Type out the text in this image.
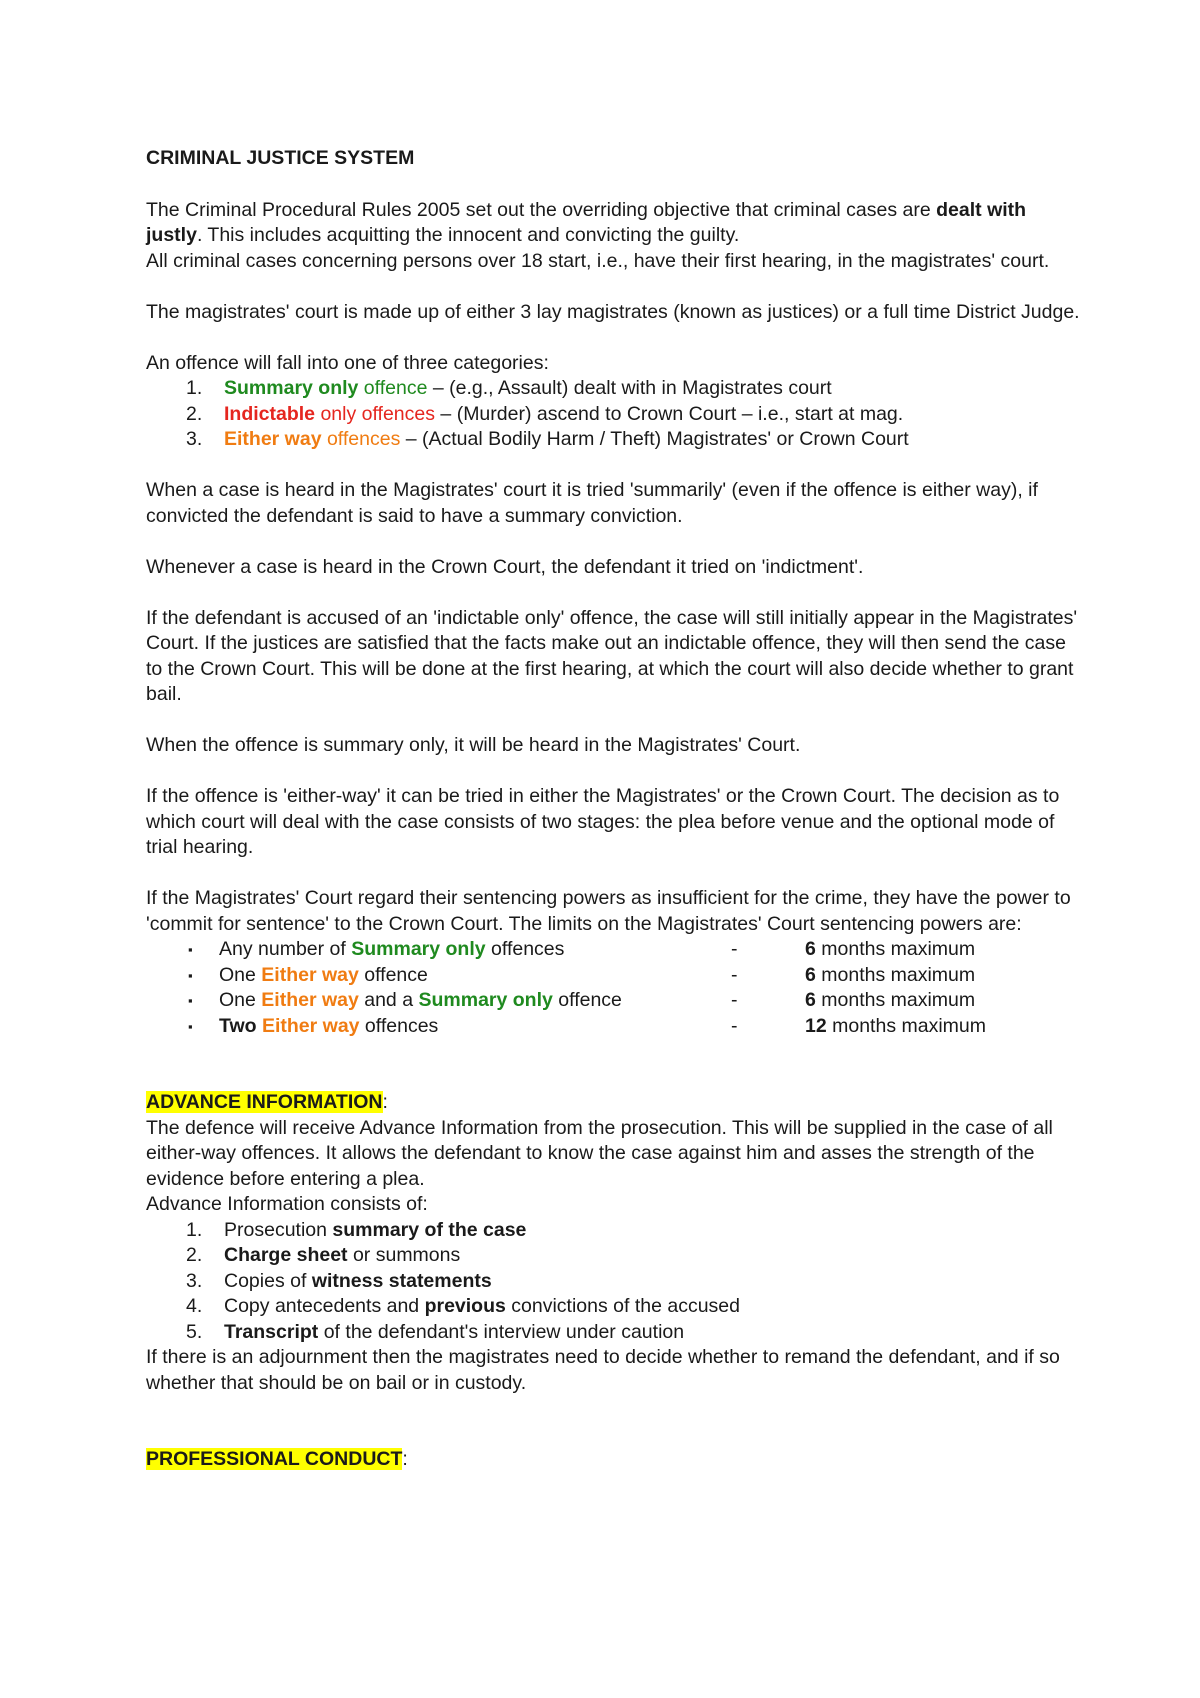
CRIMINAL JUSTICE SYSTEM

The Criminal Procedural Rules 2005 set out the overriding objective that criminal cases are dealt with justly. This includes acquitting the innocent and convicting the guilty.
All criminal cases concerning persons over 18 start, i.e., have their first hearing, in the magistrates' court.

The magistrates' court is made up of either 3 lay magistrates (known as justices) or a full time District Judge.

An offence will fall into one of three categories:

1. Summary only offence – (e.g., Assault) dealt with in Magistrates court
2. Indictable only offences – (Murder) ascend to Crown Court – i.e., start at mag.
3. Either way offences – (Actual Bodily Harm / Theft) Magistrates' or Crown Court

When a case is heard in the Magistrates' court it is tried 'summarily' (even if the offence is either way), if convicted the defendant is said to have a summary conviction.

Whenever a case is heard in the Crown Court, the defendant it tried on 'indictment'.

If the defendant is accused of an 'indictable only' offence, the case will still initially appear in the Magistrates' Court. If the justices are satisfied that the facts make out an indictable offence, they will then send the case to the Crown Court. This will be done at the first hearing, at which the court will also decide whether to grant bail.

When the offence is summary only, it will be heard in the Magistrates' Court.

If the offence is 'either-way' it can be tried in either the Magistrates' or the Crown Court. The decision as to which court will deal with the case consists of two stages: the plea before venue and the optional mode of trial hearing.

If the Magistrates' Court regard their sentencing powers as insufficient for the crime, they have the power to 'commit for sentence' to the Crown Court. The limits on the Magistrates' Court sentencing powers are:

▪ Any number of Summary only offences	-	6 months maximum
▪ One Either way offence	-	6 months maximum
▪ One Either way and a Summary only offence	-	6 months maximum
▪ Two Either way offences	-	12 months maximum

ADVANCE INFORMATION:

The defence will receive Advance Information from the prosecution. This will be supplied in the case of all either-way offences. It allows the defendant to know the case against him and asses the strength of the evidence before entering a plea.

Advance Information consists of:

1. Prosecution summary of the case
2. Charge sheet or summons
3. Copies of witness statements
4. Copy antecedents and previous convictions of the accused
5. Transcript of the defendant's interview under caution

If there is an adjournment then the magistrates need to decide whether to remand the defendant, and if so whether that should be on bail or in custody.

PROFESSIONAL CONDUCT:
